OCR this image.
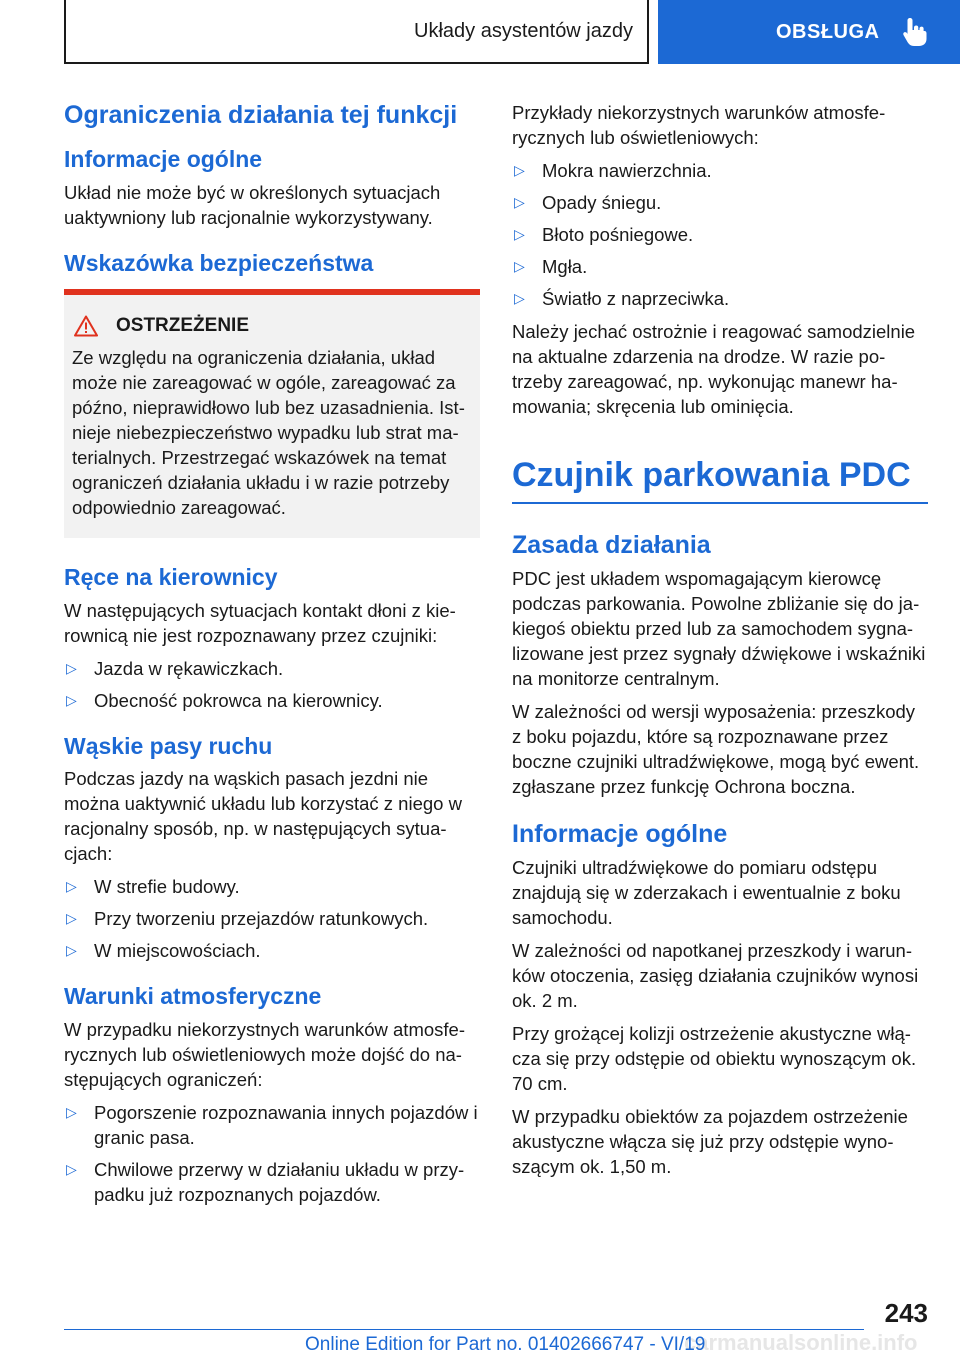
Układy asystentów jazdy	OBSŁUGA
Ograniczenia działania tej funkcji
Informacje ogólne

Układ nie może być w określonych sytuacjach uaktywniony lub racjonalnie wykorzystywany.

Wskazówka bezpieczeństwa
OSTRZEŻENIE

Ze względu na ograniczenia działania, układ może nie zareagować w ogóle, zareagować za późno, nieprawidłowo lub bez uzasadnienia. Istnieje niebezpieczeństwo wypadku lub strat materialnych. Przestrzegać wskazówek na temat ograniczeń działania układu i w razie potrzeby odpowiednio zareagować.

Ręce na kierownicy

W następujących sytuacjach kontakt dłoni z kierownicą nie jest rozpoznawany przez czujniki:

▷ Jazda w rękawiczkach.
▷ Obecność pokrowca na kierownicy.
Wąskie pasy ruchu

Podczas jazdy na wąskich pasach jezdni nie można uaktywnić układu lub korzystać z niego w racjonalny sposób, np. w następujących sytuacjach:

▷ W strefie budowy.
▷ Przy tworzeniu przejazdów ratunkowych.
▷ W miejscowościach.
Warunki atmosferyczne

W przypadku niekorzystnych warunków atmosferycznych lub oświetleniowych może dojść do następujących ograniczeń:

▷ Pogorszenie rozpoznawania innych pojazdów i granic pasa.
▷ Chwilowe przerwy w działaniu układu w przypadku już rozpoznanych pojazdów.

Przykłady niekorzystnych warunków atmosferycznych lub oświetleniowych:

▷ Mokra nawierzchnia.
▷ Opady śniegu.
▷ Błoto pośniegowe.
▷ Mgła.
▷ Światło z naprzeciwka.

Należy jechać ostrożnie i reagować samodzielnie na aktualne zdarzenia na drodze. W razie potrzeby zareagować, np. wykonując manewr hamowania; skręcenia lub ominięcia.

Czujnik parkowania PDC
Zasada działania

PDC jest układem wspomagającym kierowcę podczas parkowania. Powolne zbliżanie się do jakiegoś obiektu przed lub za samochodem sygnalizowane jest przez sygnały dźwiękowe i wskaźniki na monitorze centralnym.

W zależności od wersji wyposażenia: przeszkody z boku pojazdu, które są rozpoznawane przez boczne czujniki ultradźwiękowe, mogą być ewent. zgłaszane przez funkcję Ochrona boczna.

Informacje ogólne

Czujniki ultradźwiękowe do pomiaru odstępu znajdują się w zderzakach i ewentualnie z boku samochodu.

W zależności od napotkanej przeszkody i warunków otoczenia, zasięg działania czujników wynosi ok. 2 m.

Przy grożącej kolizji ostrzeżenie akustyczne włącza się przy odstępie od obiektu wynoszącym ok. 70 cm.

W przypadku obiektów za pojazdem ostrzeżenie akustyczne włącza się już przy odstępie wynoszącym ok. 1,50 m.

243
carmanualsonline.info
Online Edition for Part no. 01402666747 - VI/19
